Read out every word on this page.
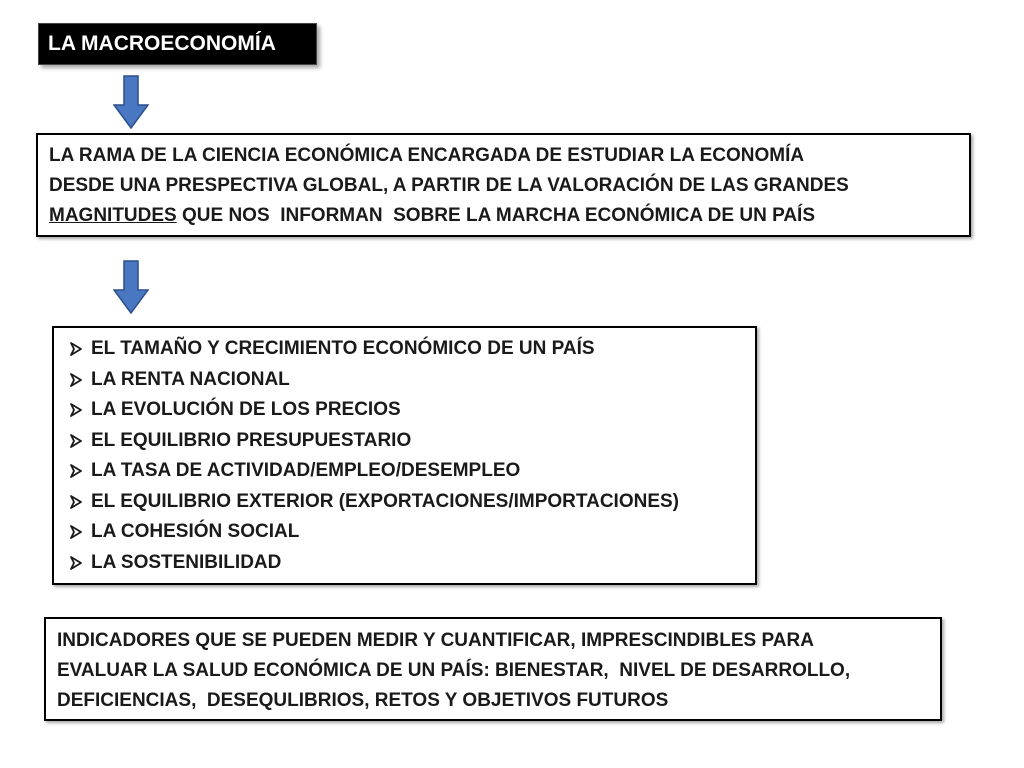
LA MACROECONOMÍA
LA RAMA DE LA CIENCIA ECONÓMICA ENCARGADA DE ESTUDIAR LA ECONOMÍA
DESDE UNA PRESPECTIVA GLOBAL, A PARTIR DE LA VALORACIÓN DE LAS GRANDES
MAGNITUDES QUE NOS  INFORMAN  SOBRE LA MARCHA ECONÓMICA DE UN PAÍS
EL TAMAÑO Y CRECIMIENTO ECONÓMICO DE UN PAÍS
LA RENTA NACIONAL
LA EVOLUCIÓN DE LOS PRECIOS
EL EQUILIBRIO PRESUPUESTARIO
LA TASA DE ACTIVIDAD/EMPLEO/DESEMPLEO
EL EQUILIBRIO EXTERIOR (EXPORTACIONES/IMPORTACIONES)
LA COHESIÓN SOCIAL
LA SOSTENIBILIDAD
INDICADORES QUE SE PUEDEN MEDIR Y CUANTIFICAR, IMPRESCINDIBLES PARA
EVALUAR LA SALUD ECONÓMICA DE UN PAÍS: BIENESTAR,  NIVEL DE DESARROLLO,
DEFICIENCIAS,  DESEQULIBRIOS, RETOS Y OBJETIVOS FUTUROS
